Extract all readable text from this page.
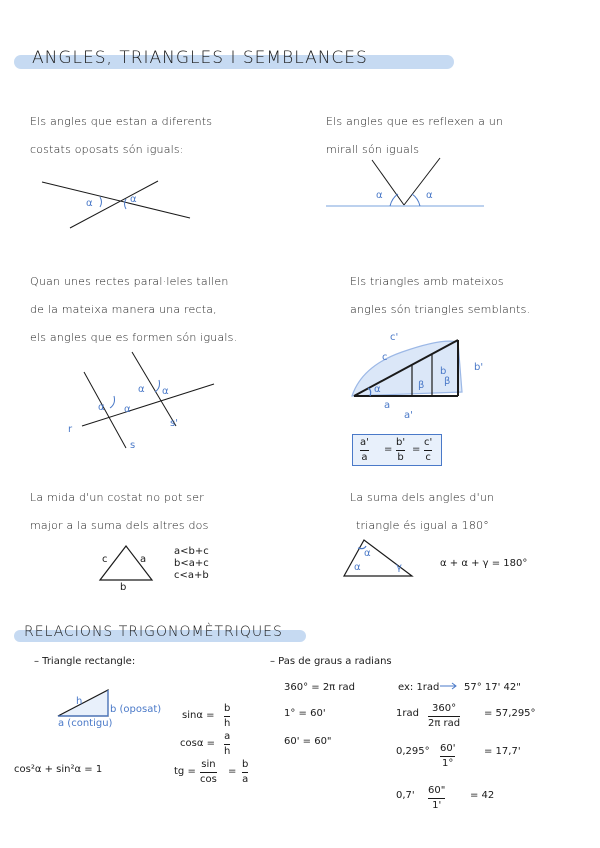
ANGLES, TRIANGLES I SEMBLANCES
Els angles que estan a diferents
costats oposats són iguals:
Els angles que es reflexen a un
mirall són iguals
Quan unes rectes paral·leles tallen
de la mateixa manera una recta,
els angles que es formen són iguals.
Els triangles amb mateixos
angles són triangles semblants.
La mida d'un costat no pot ser
major a la suma dels altres dos
La suma dels angles d'un
triangle és igual a 180°
α	α	α	α
α α
α α
r
s
s'
c'
c
b	b'
β β
α
a
a'
$\frac{a'}{a} = \frac{b'}{b} = \frac{c'}{c}$
c	a
b
a<b+c
b<a+c
c<a+b
α
α	γ	α + α + γ = 180°
RELACIONS TRIGONOMÈTRIQUES
– Triangle rectangle:
h
b (oposat)
a (contigu)
$\sin\alpha = \frac{b}{h}$
$\cos\alpha = \frac{a}{h}$
tg = $\frac{\sin}{\cos} = \frac{b}{a}$
cos²α + sin²α = 1
– Pas de graus a radians
360° = 2π rad
1° = 60'
60' = 60"
ex: 1rad 57° 17' 42"
1rad	360°
2π rad
= 57,295°
$0,295^\circ \frac{60'}{1^\circ}$	= 17,7'
$0,7' \frac{60"}{1'} = 42$
